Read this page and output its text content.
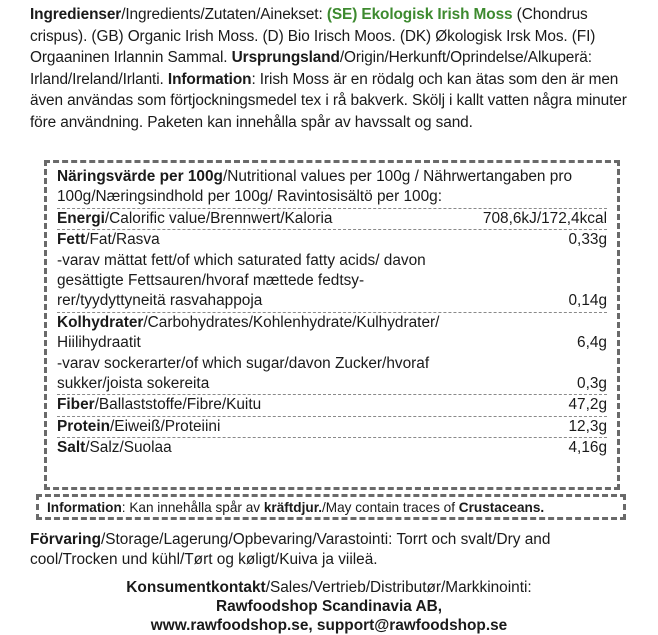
Ingredienser/Ingredients/Zutaten/Ainekset: (SE) Ekologisk Irish Moss (Chondrus crispus). (GB) Organic Irish Moss. (D) Bio Irisch Moos. (DK) Økologisk Irsk Mos. (FI) Orgaaninen Irlannin Sammal. Ursprungsland/Origin/Herkunft/Oprindelse/Alkuperä: Irland/Ireland/Irlanti. Information: Irish Moss är en rödalg och kan ätas som den är men även användas som förtjockningsmedel tex i rå bakverk. Skölj i kallt vatten några minuter före användning. Paketen kan innehålla spår av havssalt og sand.
Näringsvärde per 100g/Nutritional values per 100g / Nährwertangaben pro 100g/Næringsindhold per 100g/ Ravintosisältö per 100g:
Energi/Calorific value/Brennwert/Kaloria	708,6kJ/172,4kcal
Fett/Fat/Rasva	0,33g
-varav mättat fett/of which saturated fatty acids/ davon gesättigte Fettsauren/hvoraf mættede fedtsy-rer/tyydyttyneitä rasvahappoja	0,14g
Kolhydrater/Carbohydrates/Kohlenhydrate/Kulhydrater/ Hiilihydraatit	6,4g
-varav sockerarter/of which sugar/davon Zucker/hvoraf sukker/joista sokereita	0,3g
Fiber/Ballaststoffe/Fibre/Kuitu	47,2g
Protein/Eiweiß/Proteiini	12,3g
Salt/Salz/Suolaa	4,16g
Information: Kan innehålla spår av kräftdjur./May contain traces of Crustaceans.
Förvaring/Storage/Lagerung/Opbevaring/Varastointi: Torrt och svalt/Dry and cool/Trocken und kühl/Tørt og køligt/Kuiva ja viileä.
Konsumentkontakt/Sales/Vertrieb/Distributør/Markkinointi:
Rawfoodshop Scandinavia AB,
www.rawfoodshop.se, support@rawfoodshop.se
